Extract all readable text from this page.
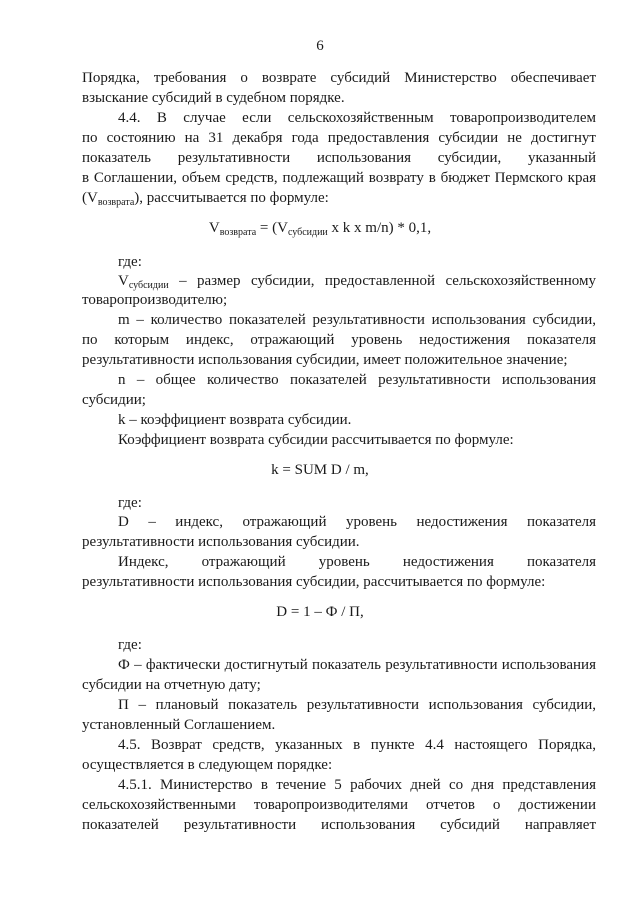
6
Порядка, требования о возврате субсидий Министерство обеспечивает
взыскание субсидий в судебном порядке.
4.4. В случае если сельскохозяйственным товаропроизводителем
по состоянию на 31 декабря года предоставления субсидии не достигнут
показатель результативности использования субсидии, указанный
в Соглашении, объем средств, подлежащий возврату в бюджет Пермского края
$(V_{возврата})$, рассчитывается по формуле:
$V_{возврата} = (V_{субсидии}$ x k x m/n) * 0,1,
где:
$V_{субсидии}$ – размер субсидии, предоставленной сельскохозяйственному
товаропроизводителю;
m – количество показателей результативности использования субсидии,
по которым индекс, отражающий уровень недостижения показателя
результативности использования субсидии, имеет положительное значение;
n – общее количество показателей результативности использования
субсидии;
k – коэффициент возврата субсидии.
Коэффициент возврата субсидии рассчитывается по формуле:
k = SUM D / m,
где:
D – индекс, отражающий уровень недостижения показателя
результативности использования субсидии.
Индекс, отражающий уровень недостижения показателя
результативности использования субсидии, рассчитывается по формуле:
D = 1 – Ф / П,
где:
Ф – фактически достигнутый показатель результативности использования
субсидии на отчетную дату;
П – плановый показатель результативности использования субсидии,
установленный Соглашением.
4.5. Возврат средств, указанных в пункте 4.4 настоящего Порядка,
осуществляется в следующем порядке:
4.5.1. Министерство в течение 5 рабочих дней со дня представления
сельскохозяйственными товаропроизводителями отчетов о достижении
показателей результативности использования субсидий направляет
